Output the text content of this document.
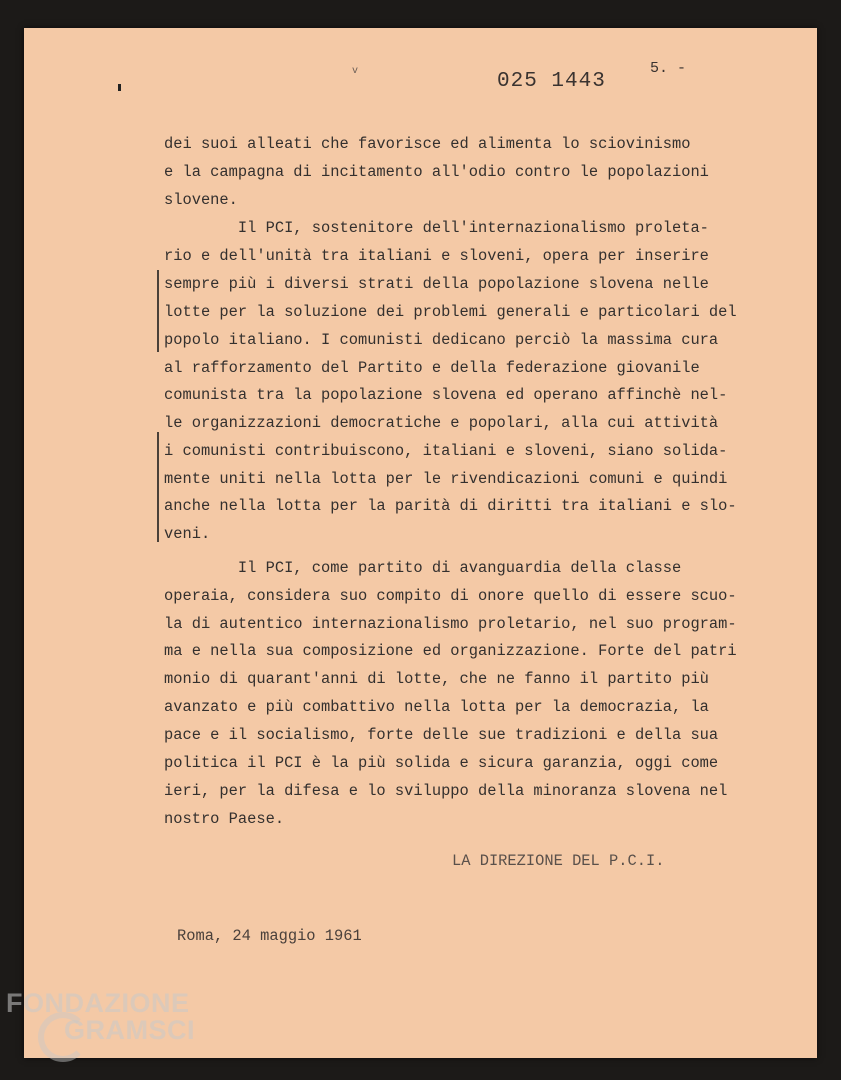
v	025 1443
5. -
dei suoi alleati che favorisce ed alimenta lo sciovinismo
e la campagna di incitamento all'odio contro le popolazioni
slovene.
Il PCI, sostenitore dell'internazionalismo proleta-
rio e dell'unità tra italiani e sloveni, opera per inserire
sempre più i diversi strati della popolazione slovena nelle
lotte per la soluzione dei problemi generali e particolari del
popolo italiano. I comunisti dedicano perciò la massima cura
al rafforzamento del Partito e della federazione giovanile
comunista tra la popolazione slovena ed operano affinchè nel-
le organizzazioni democratiche e popolari, alla cui attività
i comunisti contribuiscono, italiani e sloveni, siano solida-
mente uniti nella lotta per le rivendicazioni comuni e quindi
anche nella lotta per la parità di diritti tra italiani e slo-
veni.
Il PCI, come partito di avanguardia della classe
operaia, considera suo compito di onore quello di essere scuo-
la di autentico internazionalismo proletario, nel suo program-
ma e nella sua composizione ed organizzazione. Forte del patri
monio di quarant'anni di lotte, che ne fanno il partito più
avanzato e più combattivo nella lotta per la democrazia, la
pace e il socialismo, forte delle sue tradizioni e della sua
politica il PCI è la più solida e sicura garanzia, oggi come
ieri, per la difesa e lo sviluppo della minoranza slovena nel
nostro Paese.
LA DIREZIONE DEL P.C.I.
Roma, 24 maggio 1961
FONDAZIONE
GRAMSCI
